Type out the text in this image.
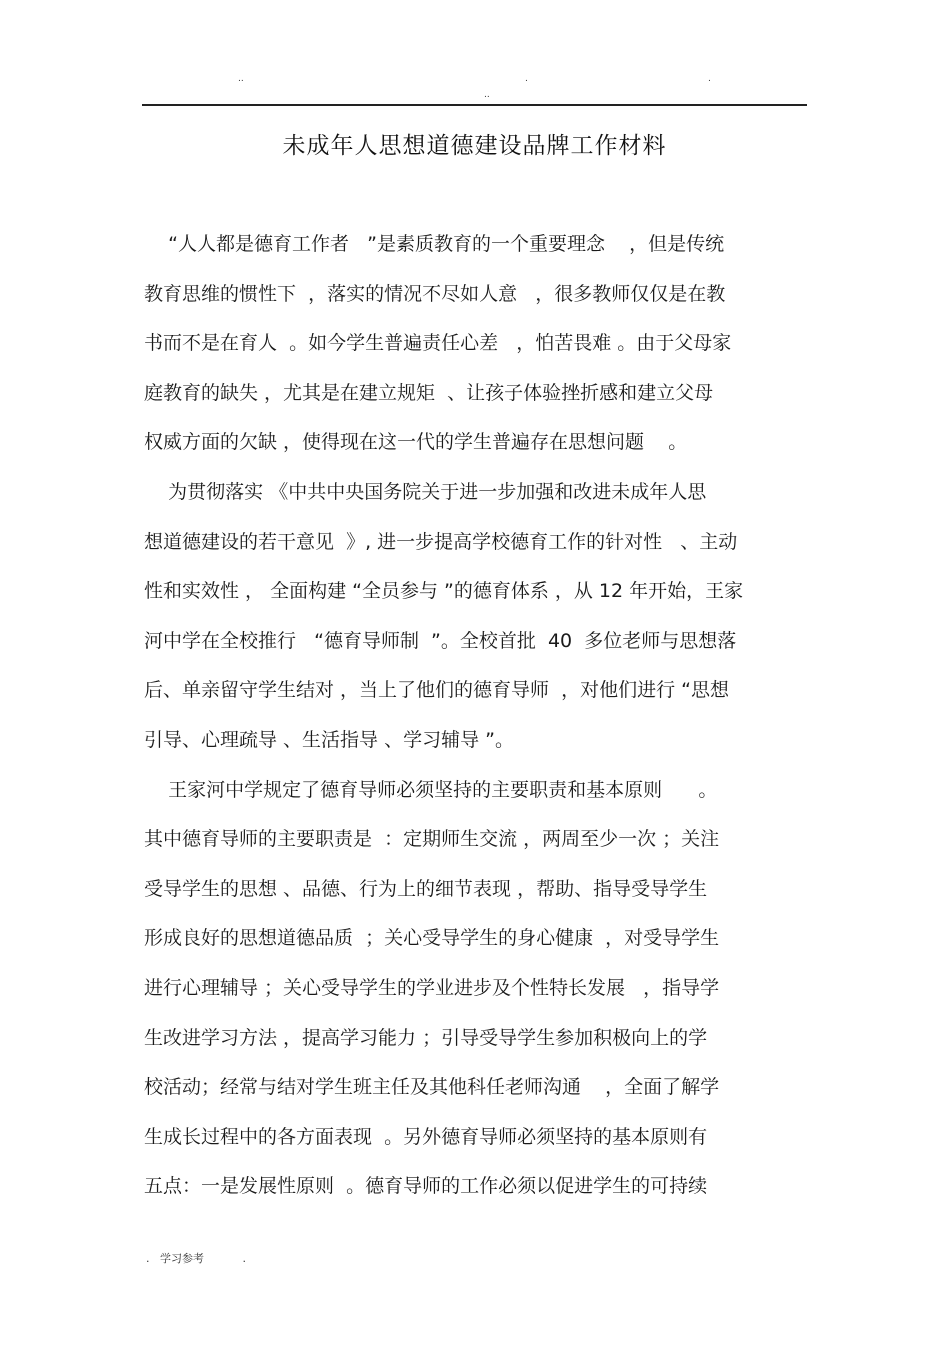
..	.	.
..
未成年人思想道德建设品牌工作材料
“人人都是德育工作者   ”是素质教育的一个重要理念    ，但是传统
教育思维的惯性下  ，落实的情况不尽如人意   ，很多教师仅仅是在教
书而不是在育人  。如今学生普遍责任心差   ，怕苦畏难 。由于父母家
庭教育的缺失 ，尤其是在建立规矩  、让孩子体验挫折感和建立父母
权威方面的欠缺 ，使得现在这一代的学生普遍存在思想问题    。
为贯彻落实 《中共中央国务院关于进一步加强和改进未成年人思
想道德建设的若干意见  》, 进一步提高学校德育工作的针对性   、主动
性和实效性 ， 全面构建 “全员参与 ”的德育体系 ，从 12 年开始，王家
河中学在全校推行   “德育导师制  ”。全校首批  40  多位老师与思想落
后、单亲留守学生结对 ，当上了他们的德育导师  ，对他们进行 “思想
引导、心理疏导 、生活指导 、学习辅导 ”。
王家河中学规定了德育导师必须坚持的主要职责和基本原则      。
其中德育导师的主要职责是  ：定期师生交流 ，两周至少一次 ；关注
受导学生的思想 、品德、行为上的细节表现 ，帮助、指导受导学生
形成良好的思想道德品质  ；关心受导学生的身心健康  ，对受导学生
进行心理辅导 ；关心受导学生的学业进步及个性特长发展   ，指导学
生改进学习方法 ，提高学习能力 ；引导受导学生参加积极向上的学
校活动；经常与结对学生班主任及其他科任老师沟通    ，全面了解学
生成长过程中的各方面表现  。另外德育导师必须坚持的基本原则有
五点：一是发展性原则  。德育导师的工作必须以促进学生的可持续
.   学习参考           .
